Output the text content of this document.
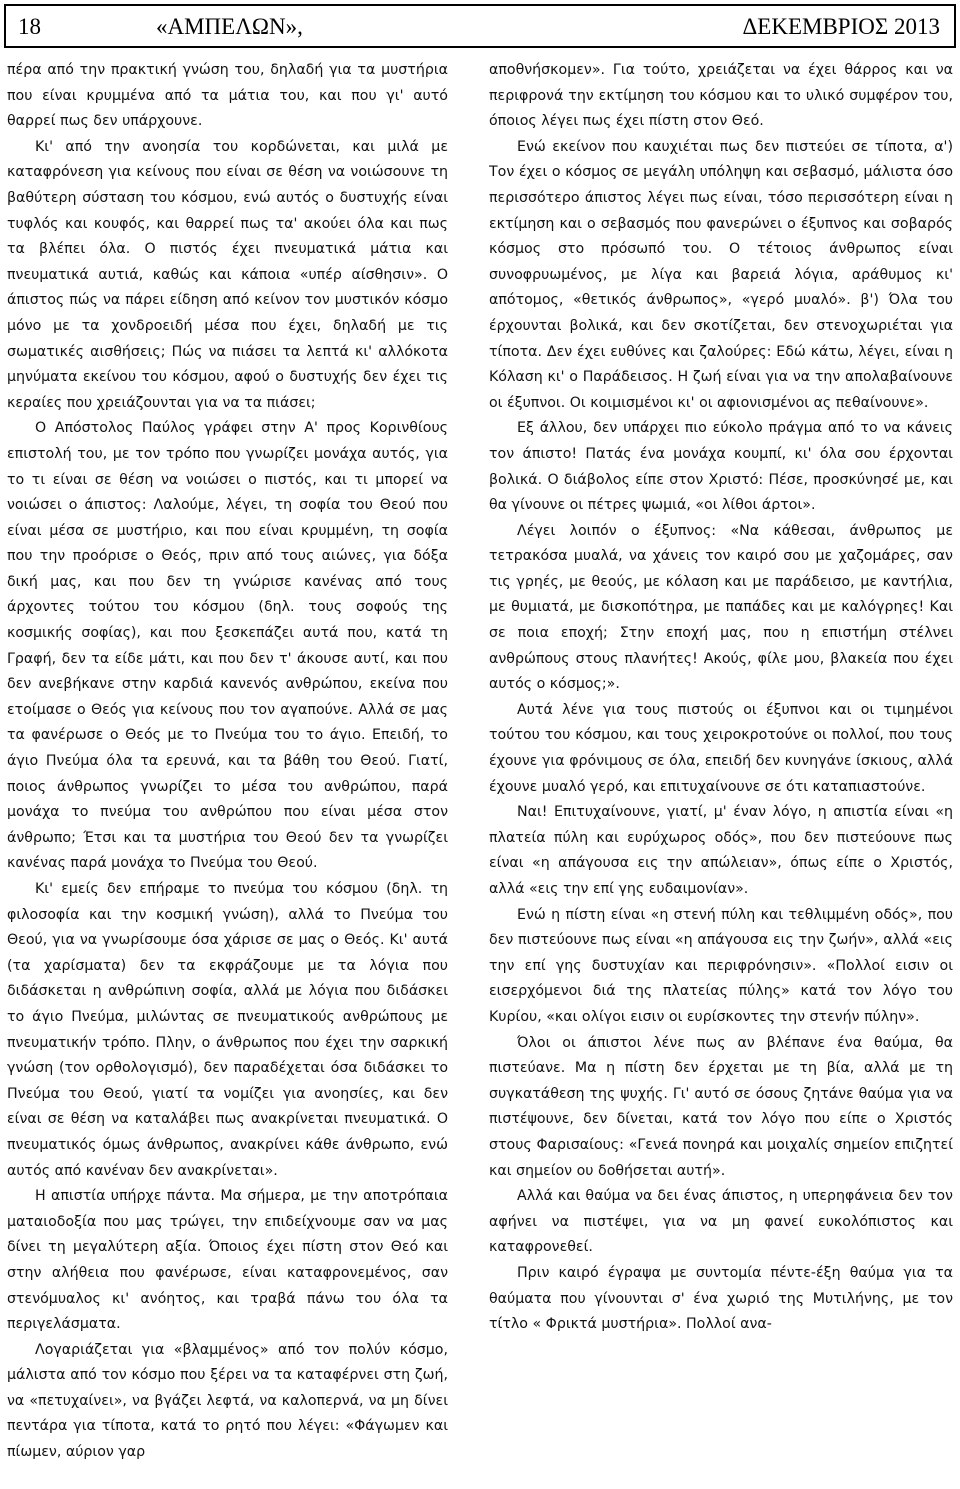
18	«ΑΜΠΕΛΩΝ»,	ΔΕΚΕΜΒΡΙΟΣ 2013

πέρα από την πρακτική γνώση του, δηλαδή για τα μυστήρια που είναι κρυμμένα από τα μάτια του, και που γι' αυτό θαρρεί πως δεν υπάρχουνε.

Κι' από την ανοησία του κορδώνεται, και μιλά με καταφρόνεση για κείνους που είναι σε θέση να νοιώσουνε τη βαθύτερη σύσταση του κόσμου, ενώ αυτός ο δυστυχής είναι τυφλός και κουφός, και θαρρεί πως τα' ακούει όλα και πως τα βλέπει όλα. Ο πιστός έχει πνευματικά μάτια και πνευματικά αυτιά, καθώς και κάποια «υπέρ αίσθησιν». Ο άπιστος πώς να πάρει είδηση από κείνον τον μυστικόν κόσμο μόνο με τα χονδροειδή μέσα που έχει, δηλαδή με τις σωματικές αισθήσεις; Πώς να πιάσει τα λεπτά κι' αλλόκοτα μηνύματα εκείνου του κόσμου, αφού ο δυστυχής δεν έχει τις κεραίες που χρειάζουνται για να τα πιάσει;

Ο Απόστολος Παύλος γράφει στην Α' προς Κορινθίους επιστολή του, με τον τρόπο που γνωρίζει μονάχα αυτός, για το τι είναι σε θέση να νοιώσει ο πιστός, και τι μπορεί να νοιώσει ο άπιστος: Λαλούμε, λέγει, τη σοφία του Θεού που είναι μέσα σε μυστήριο, και που είναι κρυμμένη, τη σοφία που την προόρισε ο Θεός, πριν από τους αιώνες, για δόξα δική μας, και που δεν τη γνώρισε κανένας από τους άρχοντες τούτου του κόσμου (δηλ. τους σοφούς της κοσμικής σοφίας), και που ξεσκεπάζει αυτά που, κατά τη Γραφή, δεν τα είδε μάτι, και που δεν τ' άκουσε αυτί, και που δεν ανεβήκανε στην καρδιά κανενός ανθρώπου, εκείνα που ετοίμασε ο Θεός για κείνους που τον αγαπούνε. Αλλά σε μας τα φανέρωσε ο Θεός με το Πνεύμα του το άγιο. Επειδή, το άγιο Πνεύμα όλα τα ερευνά, και τα βάθη του Θεού. Γιατί, ποιος άνθρωπος γνωρίζει το μέσα του ανθρώπου, παρά μονάχα το πνεύμα του ανθρώπου που είναι μέσα στον άνθρωπο; Έτσι και τα μυστήρια του Θεού δεν τα γνωρίζει κανένας παρά μονάχα το Πνεύμα του Θεού.

Κι' εμείς δεν επήραμε το πνεύμα του κόσμου (δηλ. τη φιλοσοφία και την κοσμική γνώση), αλλά το Πνεύμα του Θεού, για να γνωρίσουμε όσα χάρισε σε μας ο Θεός. Κι' αυτά (τα χαρίσματα) δεν τα εκφράζουμε με τα λόγια που διδάσκεται η ανθρώπινη σοφία, αλλά με λόγια που διδάσκει το άγιο Πνεύμα, μιλώντας σε πνευματικούς ανθρώπους με πνευματικήν τρόπο. Πλην, ο άνθρωπος που έχει την σαρκική γνώση (τον ορθολογισμό), δεν παραδέχεται όσα διδάσκει το Πνεύμα του Θεού, γιατί τα νομίζει για ανοησίες, και δεν είναι σε θέση να καταλάβει πως ανακρίνεται πνευματικά. Ο πνευματικός όμως άνθρωπος, ανακρίνει κάθε άνθρωπο, ενώ αυτός από κανέναν δεν ανακρίνεται».

Η απιστία υπήρχε πάντα. Μα σήμερα, με την αποτρόπαια ματαιοδοξία που μας τρώγει, την επιδείχνουμε σαν να μας δίνει τη μεγαλύτερη αξία. Όποιος έχει πίστη στον Θεό και στην αλήθεια που φανέρωσε, είναι καταφρονεμένος, σαν στενόμυαλος κι' ανόητος, και τραβά πάνω του όλα τα περιγελάσματα.

Λογαριάζεται για «βλαμμένος» από τον πολύν κόσμο, μάλιστα από τον κόσμο που ξέρει να τα καταφέρνει στη ζωή, να «πετυχαίνει», να βγάζει λεφτά, να καλοπερνά, να μη δίνει πεντάρα για τίποτα, κατά το ρητό που λέγει: «Φάγωμεν και πίωμεν, αύριον γαρ

αποθνήσκομεν». Για τούτο, χρειάζεται να έχει θάρρος και να περιφρονά την εκτίμηση του κόσμου και το υλικό συμφέρον του, όποιος λέγει πως έχει πίστη στον Θεό.

Ενώ εκείνον που καυχιέται πως δεν πιστεύει σε τίποτα, α') Τον έχει ο κόσμος σε μεγάλη υπόληψη και σεβασμό, μάλιστα όσο περισσότερο άπιστος λέγει πως είναι, τόσο περισσότερη είναι η εκτίμηση και ο σεβασμός που φανερώνει ο έξυπνος και σοβαρός κόσμος στο πρόσωπό του. Ο τέτοιος άνθρωπος είναι συνοφρυωμένος, με λίγα και βαρειά λόγια, αράθυμος κι' απότομος, «θετικός άνθρωπος», «γερό μυαλό». β') Όλα του έρχουνται βολικά, και δεν σκοτίζεται, δεν στενοχωριέται για τίποτα. Δεν έχει ευθύνες και ζαλούρες: Εδώ κάτω, λέγει, είναι η Κόλαση κι' ο Παράδεισος. Η ζωή είναι για να την απολαβαίνουνε οι έξυπνοι. Οι κοιμισμένοι κι' οι αφιονισμένοι ας πεθαίνουνε».

Εξ άλλου, δεν υπάρχει πιο εύκολο πράγμα από το να κάνεις τον άπιστο! Πατάς ένα μονάχα κουμπί, κι' όλα σου έρχονται βολικά. Ο διάβολος είπε στον Χριστό: Πέσε, προσκύνησέ με, και θα γίνουνε οι πέτρες ψωμιά, «οι λίθοι άρτοι».

Λέγει λοιπόν ο έξυπνος: «Να κάθεσαι, άνθρωπος με τετρακόσα μυαλά, να χάνεις τον καιρό σου με χαζομάρες, σαν τις γρηές, με θεούς, με κόλαση και με παράδεισο, με καντήλια, με θυμιατά, με δισκοπότηρα, με παπάδες και με καλόγρηες! Και σε ποια εποχή; Στην εποχή μας, που η επιστήμη στέλνει ανθρώπους στους πλανήτες! Ακούς, φίλε μου, βλακεία που έχει αυτός ο κόσμος;».

Αυτά λένε για τους πιστούς οι έξυπνοι και οι τιμημένοι τούτου του κόσμου, και τους χειροκροτούνε οι πολλοί, που τους έχουνε για φρόνιμους σε όλα, επειδή δεν κυνηγάνε ίσκιους, αλλά έχουνε μυαλό γερό, και επιτυχαίνουνε σε ότι καταπιαστούνε.

Ναι! Επιτυχαίνουνε, γιατί, μ' έναν λόγο, η απιστία είναι «η πλατεία πύλη και ευρύχωρος οδός», που δεν πιστεύουνε πως είναι «η απάγουσα εις την απώλειαν», όπως είπε ο Χριστός, αλλά «εις την επί γης ευδαιμονίαν».

Ενώ η πίστη είναι «η στενή πύλη και τεθλιμμένη οδός», που δεν πιστεύουνε πως είναι «η απάγουσα εις την ζωήν», αλλά «εις την επί γης δυστυχίαν και περιφρόνησιν». «Πολλοί εισιν οι εισερχόμενοι διά της πλατείας πύλης» κατά τον λόγο του Κυρίου, «και ολίγοι εισιν οι ευρίσκοντες την στενήν πύλην».

Όλοι οι άπιστοι λένε πως αν βλέπανε ένα θαύμα, θα πιστεύανε. Μα η πίστη δεν έρχεται με τη βία, αλλά με τη συγκατάθεση της ψυχής. Γι' αυτό σε όσους ζητάνε θαύμα για να πιστέψουνε, δεν δίνεται, κατά τον λόγο που είπε ο Χριστός στους Φαρισαίους: «Γενεά πονηρά και μοιχαλίς σημείον επιζητεί και σημείον ου δοθήσεται αυτή».

Αλλά και θαύμα να δει ένας άπιστος, η υπερηφάνεια δεν τον αφήνει να πιστέψει, για να μη φανεί ευκολόπιστος και καταφρονεθεί.

Πριν καιρό έγραψα με συντομία πέντε-έξη θαύμα για τα θαύματα που γίνουνται σ' ένα χωριό της Μυτιλήνης, με τον τίτλο « Φρικτά μυστήρια». Πολλοί ανα-
